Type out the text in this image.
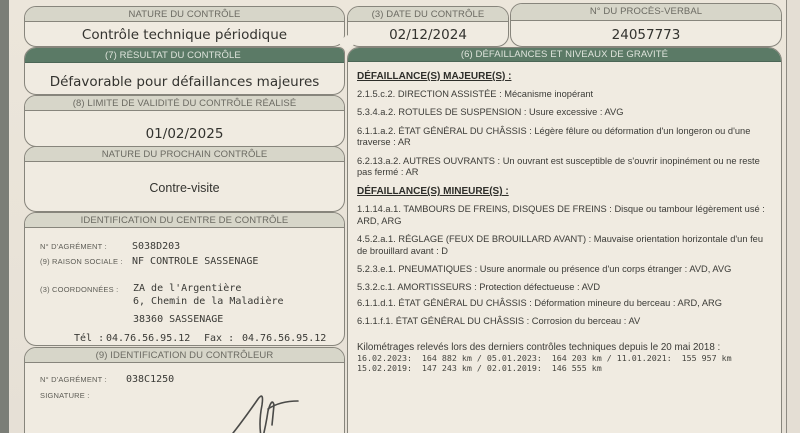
NATURE DU CONTRÔLE
Contrôle technique périodique
(3) DATE DU CONTRÔLE
02/12/2024
N° DU PROCÈS-VERBAL
24057773
(7) RÉSULTAT DU CONTRÔLE
Défavorable pour défaillances majeures
(8) LIMITE DE VALIDITÉ DU CONTRÔLE RÉALISÉ
01/02/2025
NATURE DU PROCHAIN CONTRÔLE
Contre-visite
IDENTIFICATION DU CENTRE DE CONTRÔLE
N° D'AGRÉMENT :	S038D203
(9) RAISON SOCIALE : NF CONTROLE SASSENAGE
(3) COORDONNÉES :	ZA de l'Argentière
6, Chemin de la Maladière
38360 SASSENAGE
Tél : 04.76.56.95.12	Fax : 04.76.56.95.12
(9) IDENTIFICATION DU CONTRÔLEUR
N° D'AGRÉMENT :	038C1250
SIGNATURE :
(6) DÉFAILLANCES ET NIVEAUX DE GRAVITÉ
DÉFAILLANCE(S) MAJEURE(S) :
2.1.5.c.2. DIRECTION ASSISTÉE : Mécanisme inopérant
5.3.4.a.2. ROTULES DE SUSPENSION : Usure excessive : AVG
6.1.1.a.2. ÉTAT GÉNÉRAL DU CHÂSSIS : Légère fêlure ou déformation d'un longeron ou d'une traverse : AR
6.2.13.a.2. AUTRES OUVRANTS : Un ouvrant est susceptible de s'ouvrir inopinément ou ne reste pas fermé : AR
DÉFAILLANCE(S) MINEURE(S) :
1.1.14.a.1. TAMBOURS DE FREINS, DISQUES DE FREINS : Disque ou tambour légèrement usé : ARD, ARG
4.5.2.a.1. RÉGLAGE (FEUX DE BROUILLARD AVANT) : Mauvaise orientation horizontale d'un feu de brouillard avant : D
5.2.3.e.1. PNEUMATIQUES : Usure anormale ou présence d'un corps étranger : AVD, AVG
5.3.2.c.1. AMORTISSEURS : Protection défectueuse : AVD
6.1.1.d.1. ÉTAT GÉNÉRAL DU CHÂSSIS : Déformation mineure du berceau : ARD, ARG
6.1.1.f.1. ÉTAT GÉNÉRAL DU CHÂSSIS : Corrosion du berceau : AV
Kilométrages relevés lors des derniers contrôles techniques depuis le 20 mai 2018 :
16.02.2023:  164 882 km / 05.01.2023:  164 203 km / 11.01.2021:  155 957 km
15.02.2019:  147 243 km / 02.01.2019:  146 555 km
